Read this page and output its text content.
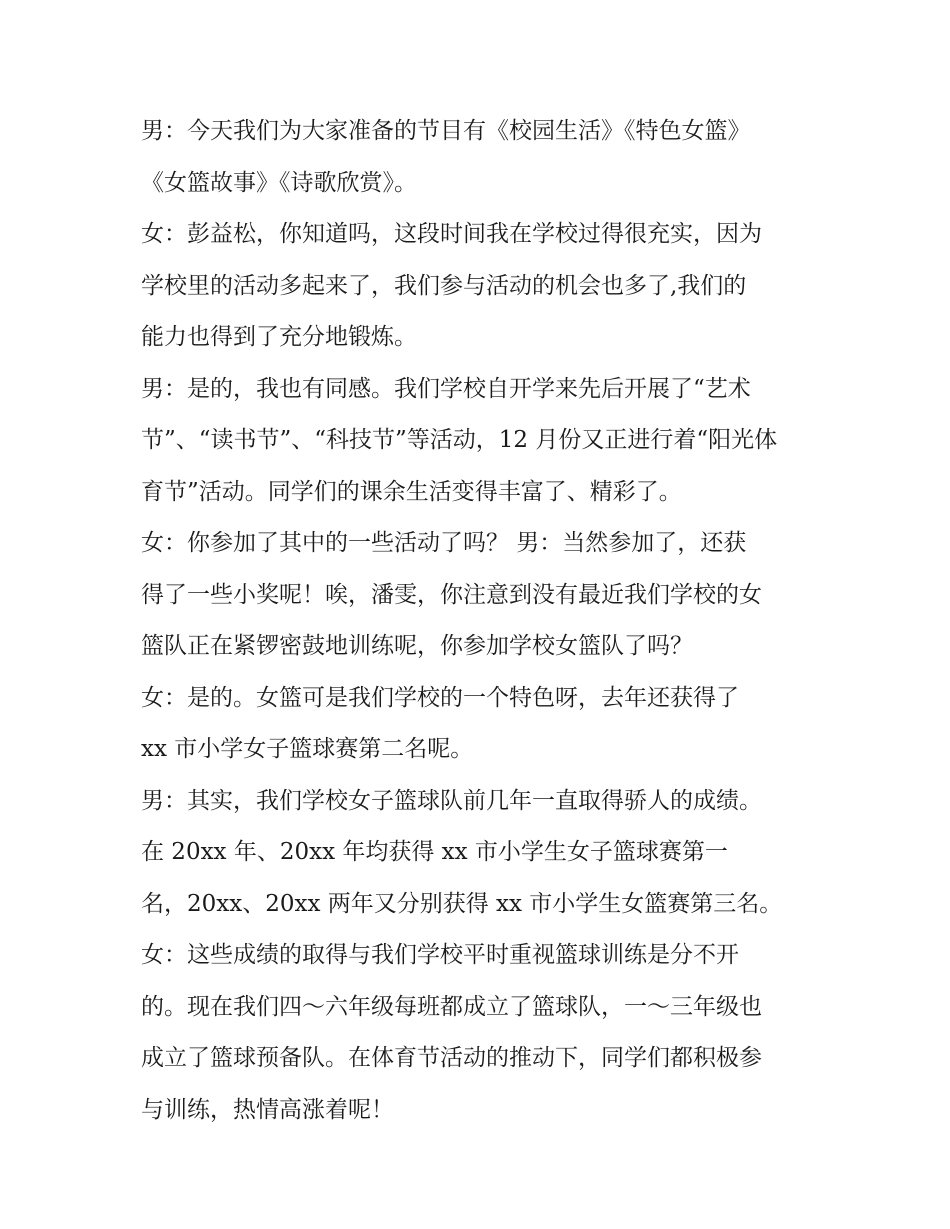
男：今天我们为大家准备的节目有《校园生活》《特色女篮》
《女篮故事》《诗歌欣赏》。
女：彭益松，你知道吗，这段时间我在学校过得很充实，因为
学校里的活动多起来了，我们参与活动的机会也多了,我们的
能力也得到了充分地锻炼。
男：是的，我也有同感。我们学校自开学来先后开展了“艺术
节”、“读书节”、“科技节”等活动，12 月份又正进行着“阳光体
育节”活动。同学们的课余生活变得丰富了、精彩了。
女：你参加了其中的一些活动了吗？ 男：当然参加了，还获
得了一些小奖呢！唉，潘雯，你注意到没有最近我们学校的女
篮队正在紧锣密鼓地训练呢，你参加学校女篮队了吗？
女：是的。女篮可是我们学校的一个特色呀，去年还获得了
xx 市小学女子篮球赛第二名呢。
男：其实，我们学校女子篮球队前几年一直取得骄人的成绩。
在 20xx 年、20xx 年均获得 xx 市小学生女子篮球赛第一
名，20xx、20xx 两年又分别获得 xx 市小学生女篮赛第三名。
女：这些成绩的取得与我们学校平时重视篮球训练是分不开
的。现在我们四～六年级每班都成立了篮球队，一～三年级也
成立了篮球预备队。在体育节活动的推动下，同学们都积极参
与训练，热情高涨着呢！
